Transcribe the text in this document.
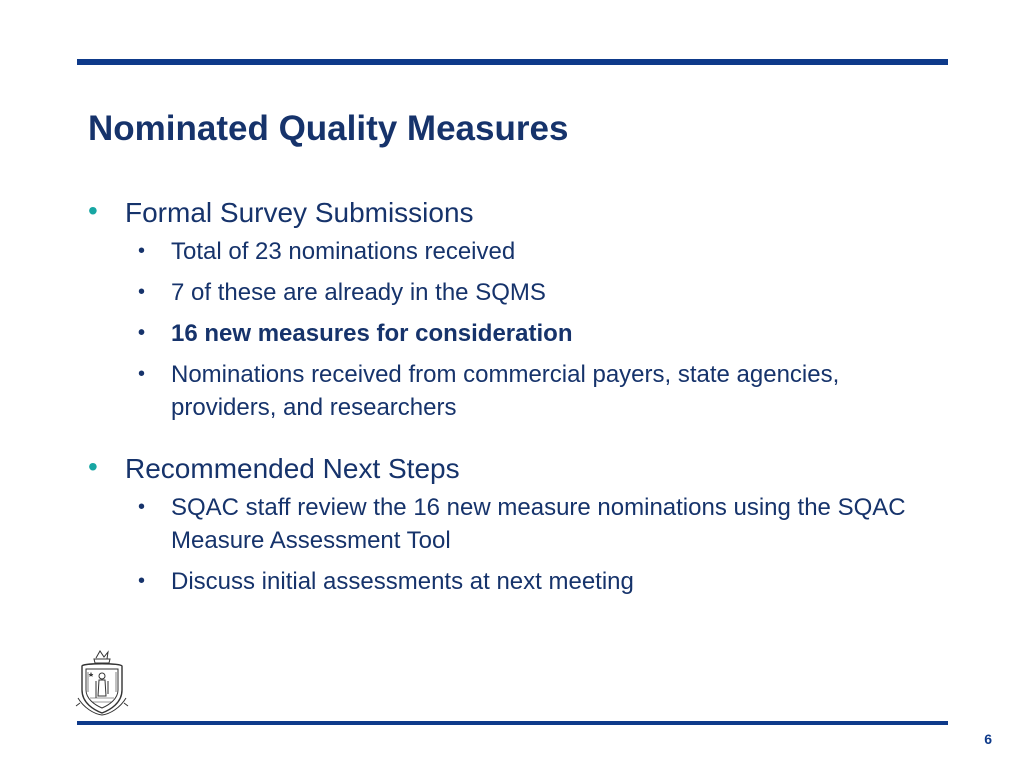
Nominated Quality Measures
• Formal Survey Submissions
• Total of 23 nominations received
• 7 of these are already in the SQMS
• 16 new measures for consideration
• Nominations received from commercial payers, state agencies, providers, and researchers
• Recommended Next Steps
• SQAC staff review the 16 new measure nominations using the SQAC Measure Assessment Tool
• Discuss initial assessments at next meeting
6
